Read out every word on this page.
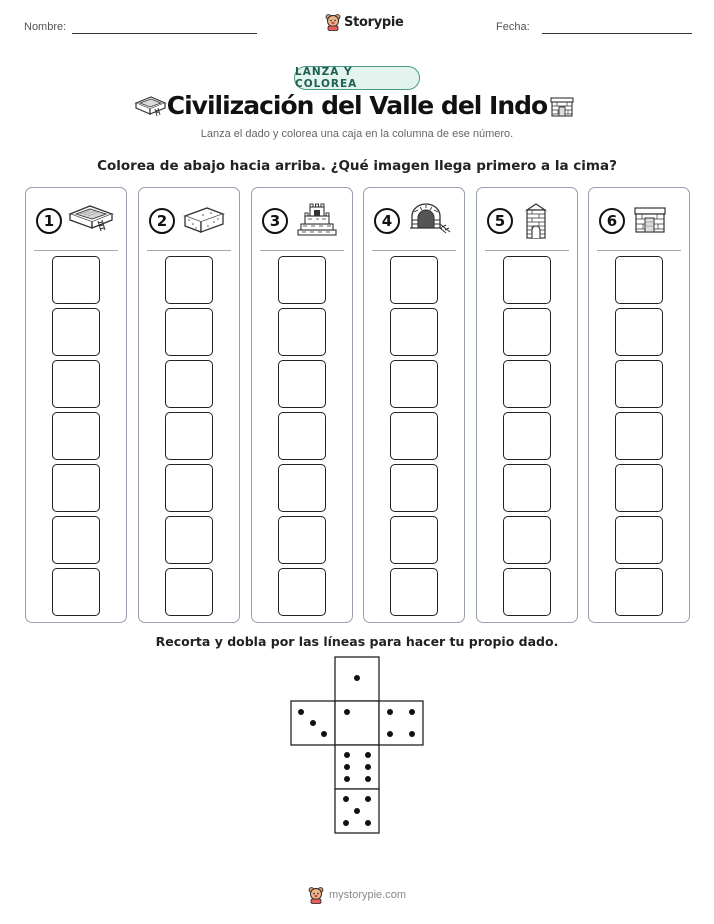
Nombre:	Storypie	Fecha:
LANZA Y COLOREA
Civilización del Valle del Indo
Lanza el dado y colorea una caja en la columna de ese número.
Colorea de abajo hacia arriba. ¿Qué imagen llega primero a la cima?
1	2	3	4	5	6
Recorta y dobla por las líneas para hacer tu propio dado.
mystorypie.com
